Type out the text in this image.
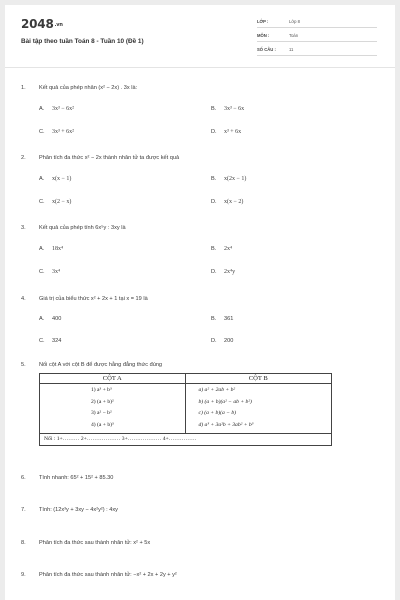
2048.vn
Bài tập theo tuần Toán 8 - Tuần 10 (Đề 1)
LỚP :	Lớp 8
MÔN :	Toán
SỐ CÂU :	11
1. Kết quả của phép nhân (x² − 2x) . 3x là:
A. 3x³ − 6x²	B. 3x³ − 6x
C. 3x³ + 6x²	D. x³ + 6x
2. Phân tích đa thức x² − 2x thành nhân tử ta được kết quả
A. x(x − 1)	B. x(2x − 1)
C. x(2 − x)	D. x(x − 2)
3. Kết quả của phép tính 6x⁵y : 3xy là
A. 18x⁴	B. 2x⁴
C. 3x⁴	D. 2x⁴y
4. Giá trị của biểu thức x² + 2x + 1 tại x = 19 là
A. 400	B. 361
C. 324	D. 200
5. Nối cột A với cột B để được hằng đẳng thức đúng
CỘT A	CỘT B
1) a³ + b³
2) (a + b)²
3) a² − b²
4) (a + b)³
a) a² + 2ab + b²
b) (a + b)(a² − ab + b²)
c) (a + b)(a − b)
d) a³ + 3a²b + 3ab² + b³
Nối : 1+……… 2+……………… 3+……………… 4+……………
6. Tính nhanh: 65² + 15² + 85.30
7. Tính: (12x³y + 3xy − 4x²y²) : 4xy
8. Phân tích đa thức sau thành nhân tử: x² + 5x
9. Phân tích đa thức sau thành nhân tử: −x² + 2x + 2y + y²
